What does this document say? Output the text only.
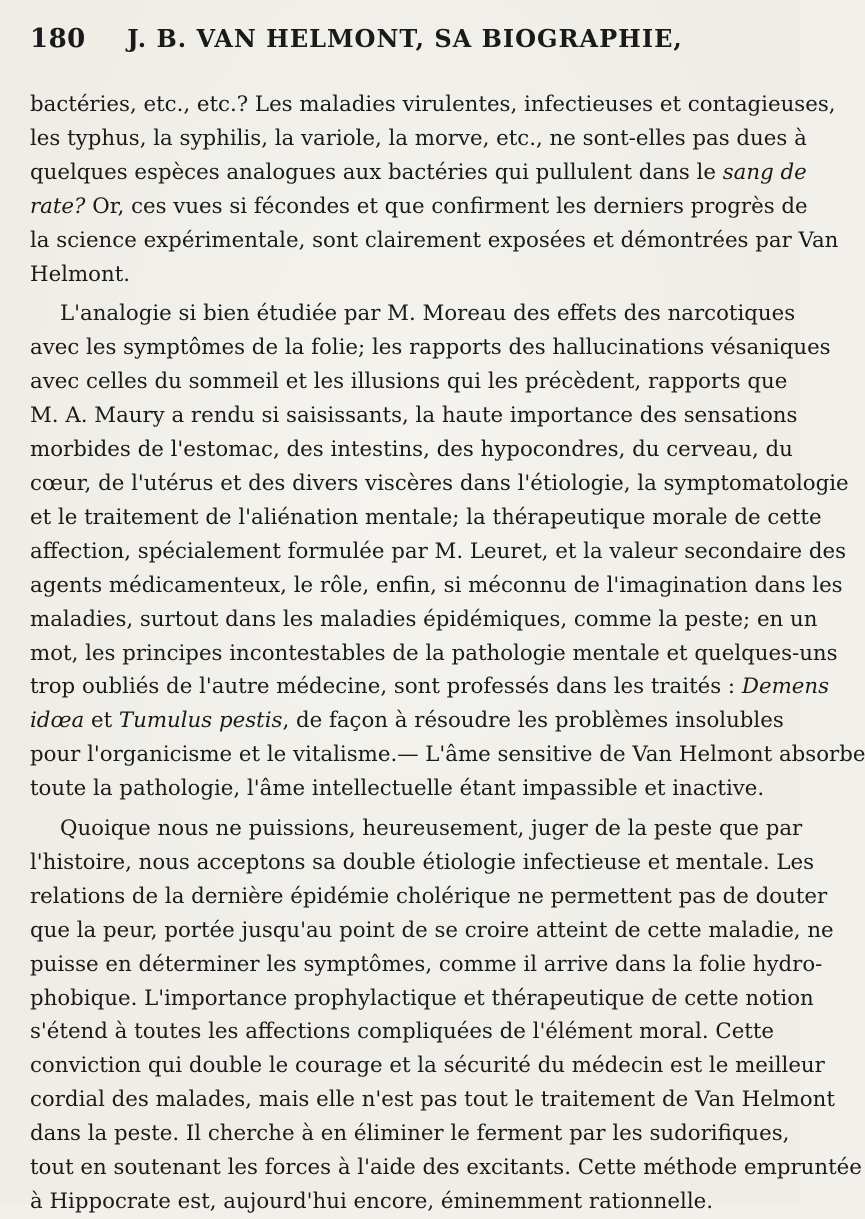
180	J. B. VAN HELMONT, SA BIOGRAPHIE,
bactéries, etc., etc.? Les maladies virulentes, infectieuses et contagieuses,
les typhus, la syphilis, la variole, la morve, etc., ne sont-elles pas dues à
quelques espèces analogues aux bactéries qui pullulent dans le sang de
rate? Or, ces vues si fécondes et que confirment les derniers progrès de
la science expérimentale, sont clairement exposées et démontrées par Van
Helmont.
L'analogie si bien étudiée par M. Moreau des effets des narcotiques
avec les symptômes de la folie; les rapports des hallucinations vésaniques
avec celles du sommeil et les illusions qui les précèdent, rapports que
M. A. Maury a rendu si saisissants, la haute importance des sensations
morbides de l'estomac, des intestins, des hypocondres, du cerveau, du
cœur, de l'utérus et des divers viscères dans l'étiologie, la symptomatologie
et le traitement de l'aliénation mentale; la thérapeutique morale de cette
affection, spécialement formulée par M. Leuret, et la valeur secondaire des
agents médicamenteux, le rôle, enfin, si méconnu de l'imagination dans les
maladies, surtout dans les maladies épidémiques, comme la peste; en un
mot, les principes incontestables de la pathologie mentale et quelques-uns
trop oubliés de l'autre médecine, sont professés dans les traités : Demens
idœa et Tumulus pestis, de façon à résoudre les problèmes insolubles
pour l'organicisme et le vitalisme.— L'âme sensitive de Van Helmont absorbe
toute la pathologie, l'âme intellectuelle étant impassible et inactive.
Quoique nous ne puissions, heureusement, juger de la peste que par
l'histoire, nous acceptons sa double étiologie infectieuse et mentale. Les
relations de la dernière épidémie cholérique ne permettent pas de douter
que la peur, portée jusqu'au point de se croire atteint de cette maladie, ne
puisse en déterminer les symptômes, comme il arrive dans la folie hydro-
phobique. L'importance prophylactique et thérapeutique de cette notion
s'étend à toutes les affections compliquées de l'élément moral. Cette
conviction qui double le courage et la sécurité du médecin est le meilleur
cordial des malades, mais elle n'est pas tout le traitement de Van Helmont
dans la peste. Il cherche à en éliminer le ferment par les sudorifiques,
tout en soutenant les forces à l'aide des excitants. Cette méthode empruntée
à Hippocrate est, aujourd'hui encore, éminemment rationnelle.
